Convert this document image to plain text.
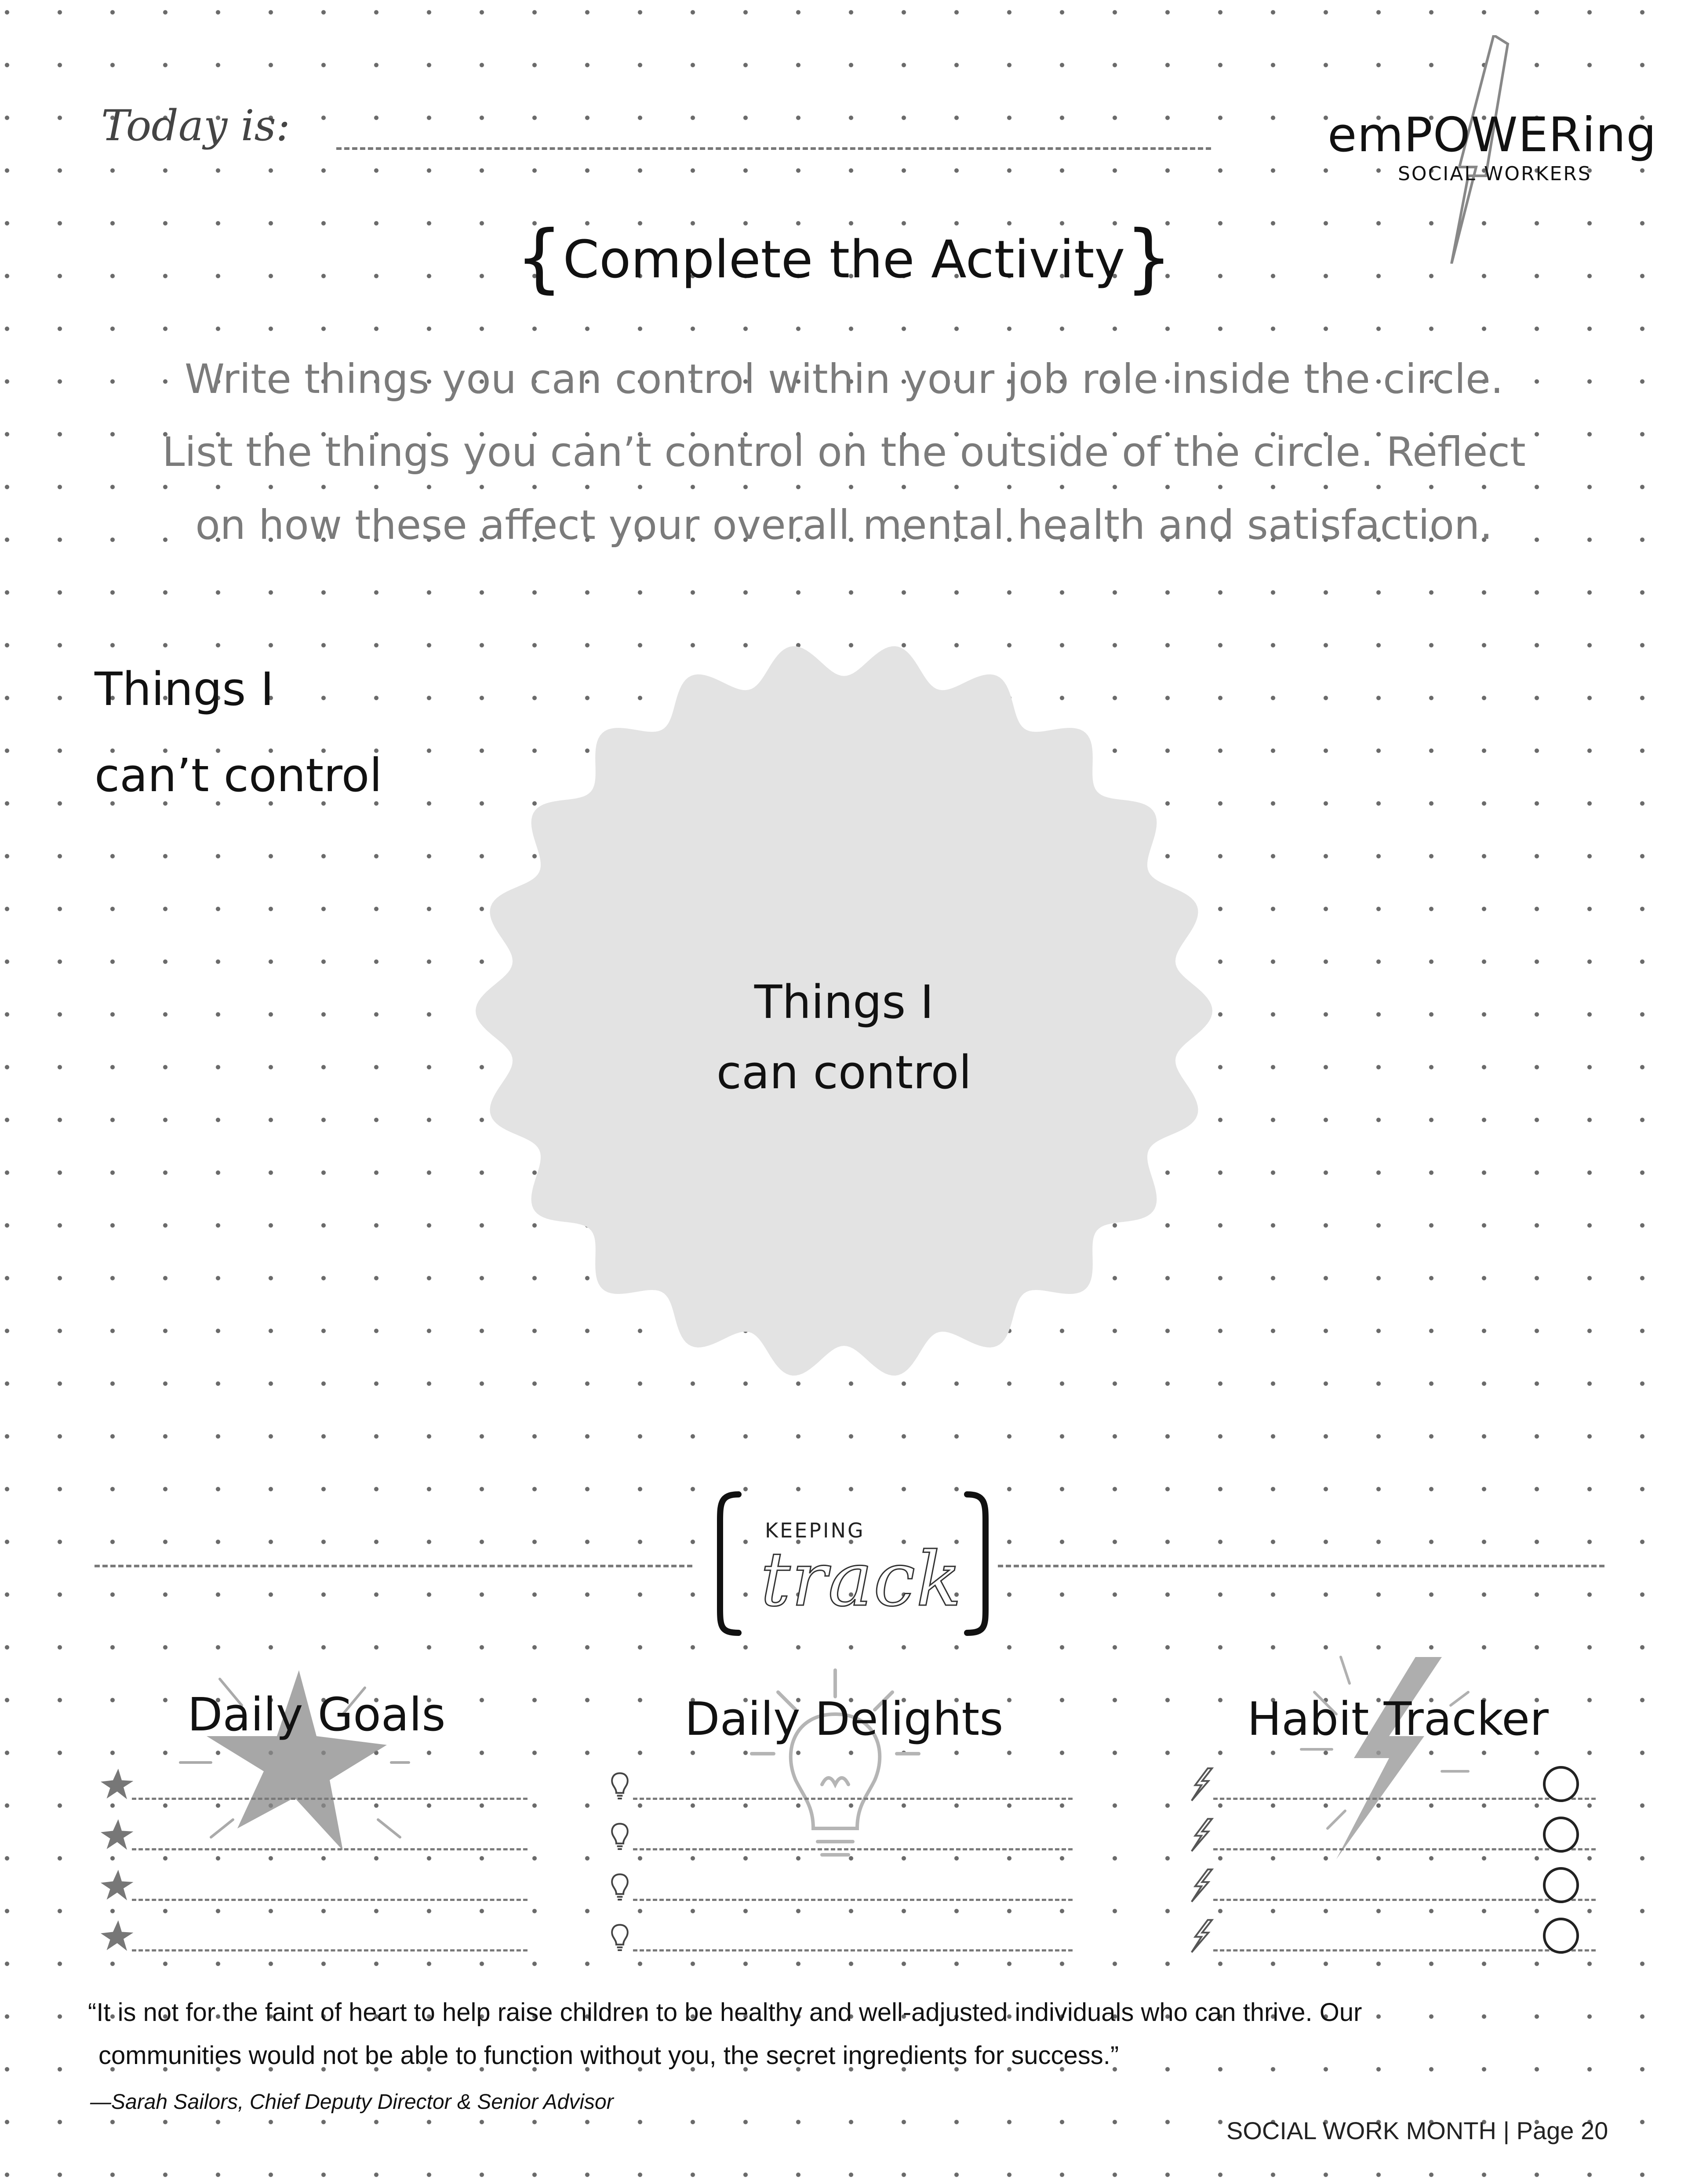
Today is:	emPOWERing
SOCIAL WORKERS
{Complete the Activity}
Write things you can control within your job role inside the circle.
List the things you can’t control on the outside of the circle. Reflect
on how these affect your overall mental health and satisfaction.
Things I
can’t control
Things I
can control
KEEPING
track
Daily Goals	Daily Delights	Habit Tracker
“It is not for the faint of heart to help raise children to be healthy and well-adjusted individuals who can thrive. Our
communities would not be able to function without you, the secret ingredients for success.”
—Sarah Sailors, Chief Deputy Director & Senior Advisor
SOCIAL WORK MONTH | Page 20
